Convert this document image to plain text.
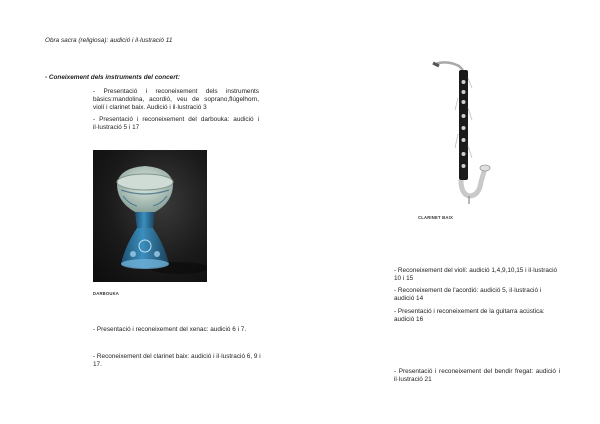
Obra sacra (religiosa): audició i il·lustració 11
- Coneixement dels instruments del concert:
- Presentació i reconeixement dels instruments bàsics:mandolina, acordió, veu de soprano,flúgelhorn, violí i clarinet baix. Audició i il·lustració 3
- Presentació i reconeixement del darbouka: audició i il·lustració 5 i 17
DARBOUKA
- Presentació i reconeixement del xenac: audició 6 i 7.
- Reconeixement del clarinet baix: audició i il·lustració 6, 9 i 17.
CLARINET BAIX
- Reconeixement del violí: audició 1,4,9,10,15 i il·lustració 10 i 15
- Reconeixement de l'acordió: audició 5, il·lustració i audició 14
- Presentació i reconeixement de la guitarra acústica: audició 16
- Presentació i reconeixement del bendir fregat: audició i il·lustració 21
